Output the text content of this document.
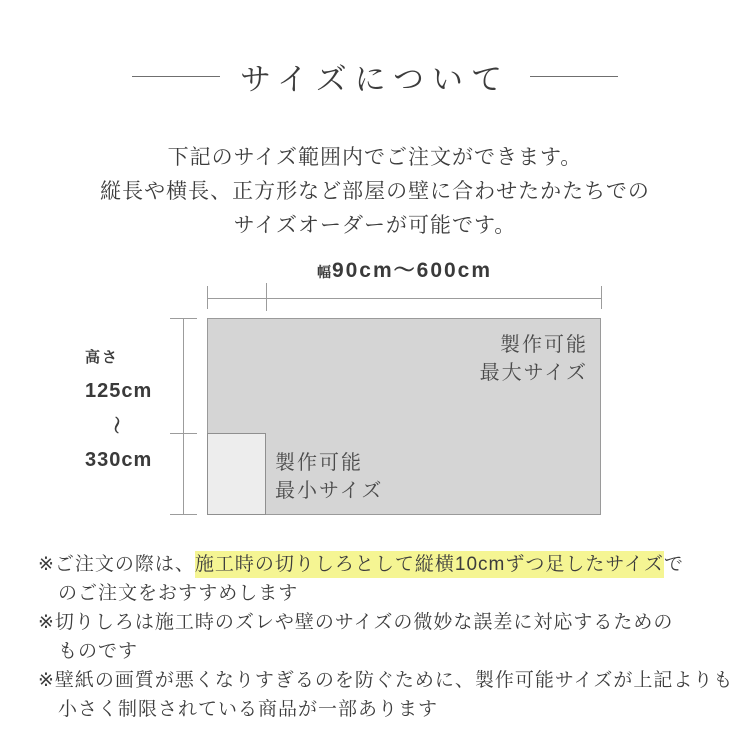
サイズについて
下記のサイズ範囲内でご注文ができます。
縦長や横長、正方形など部屋の壁に合わせたかたちでの
サイズオーダーが可能です。
幅90cm〜600cm
製作可能
最大サイズ
製作可能
最小サイズ
高さ
125cm
〜
330cm
※ご注文の際は、施工時の切りしろとして縦横10cmずつ足したサイズで
のご注文をおすすめします
※切りしろは施工時のズレや壁のサイズの微妙な誤差に対応するための
ものです
※壁紙の画質が悪くなりすぎるのを防ぐために、製作可能サイズが上記よりも
小さく制限されている商品が一部あります
